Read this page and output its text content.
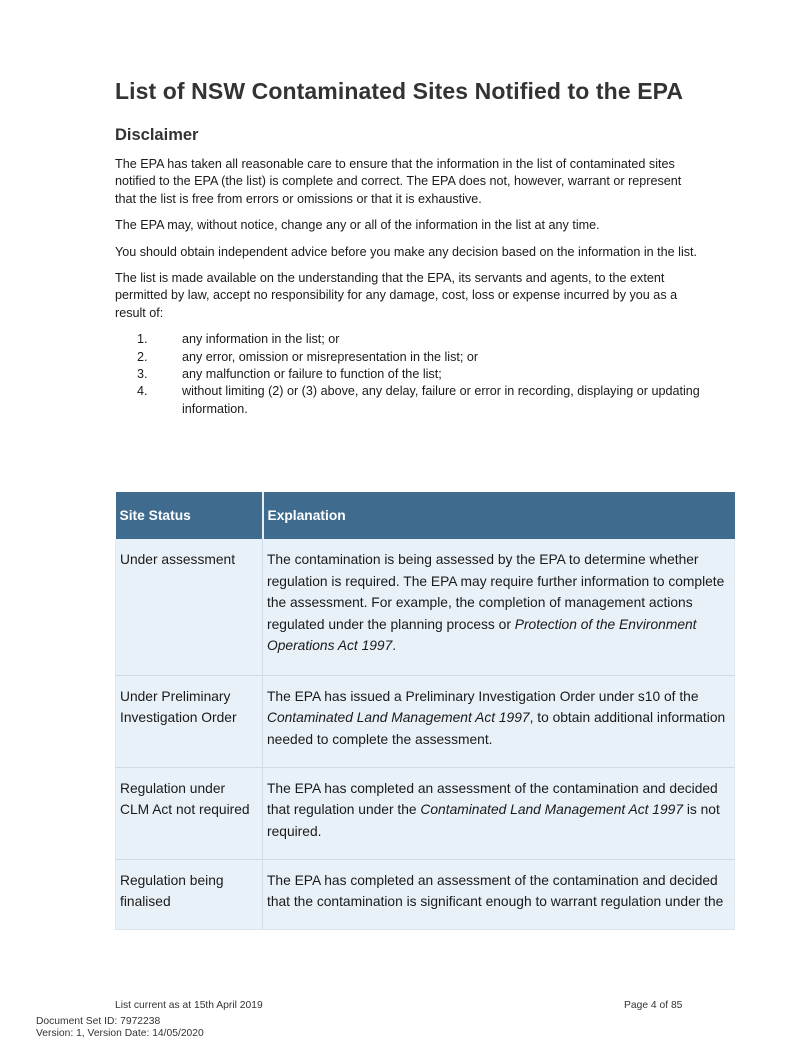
List of NSW Contaminated Sites Notified to the EPA
Disclaimer

The EPA has taken all reasonable care to ensure that the information in the list of contaminated sites notified to the EPA (the list) is complete and correct. The EPA does not, however, warrant or represent that the list is free from errors or omissions or that it is exhaustive.

The EPA may, without notice, change any or all of the information in the list at any time.

You should obtain independent advice before you make any decision based on the information in the list.

The list is made available on the understanding that the EPA, its servants and agents, to the extent permitted by law, accept no responsibility for any damage, cost, loss or expense incurred by you as a result of:

1.	any information in the list; or
2.	any error, omission or misrepresentation in the list; or
3.	any malfunction or failure to function of the list;
4.	without limiting (2) or (3) above, any delay, failure or error in recording, displaying or updating information.
Site Status	Explanation
Under assessment	The contamination is being assessed by the EPA to determine whether regulation is required. The EPA may require further information to complete the assessment. For example, the completion of management actions regulated under the planning process or Protection of the Environment Operations Act 1997.
Under Preliminary Investigation Order	The EPA has issued a Preliminary Investigation Order under s10 of the Contaminated Land Management Act 1997, to obtain additional information needed to complete the assessment.
Regulation under CLM Act not required	The EPA has completed an assessment of the contamination and decided that regulation under the Contaminated Land Management Act 1997 is not required.
Regulation being finalised	The EPA has completed an assessment of the contamination and decided that the contamination is significant enough to warrant regulation under the
List current as at 15th April 2019	Page 4 of 85
Document Set ID: 7972238
Version: 1, Version Date: 14/05/2020
